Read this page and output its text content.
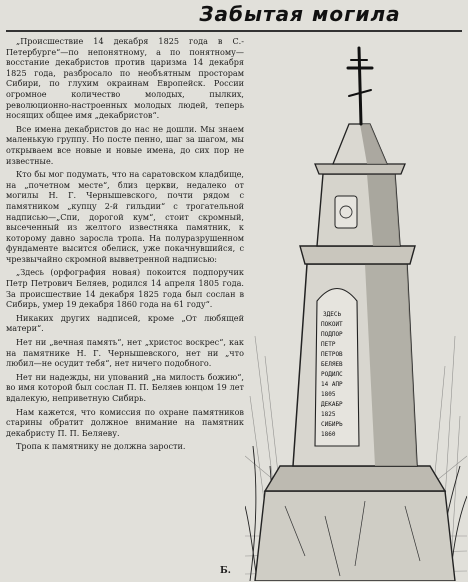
Забытая могила

„Происшествие 14 декабря 1825 года в С.-Петербурге“—по непонятному, а по понятному—восстание декабристов против царизма 14 декабря 1825 года, разбросало по необъятным просторам Сибири, по глухим окраинам Европейск. России огромное количество молодых, пылких, революционно-настроенных молодых людей, теперь носящих общее имя „декабристов“.

Все имена декабристов до нас не дошли. Мы знаем маленькую группу. Но посте пенно, шаг за шагом, мы открываем все новые и новые имена, до сих пор не известные.

Кто бы мог подумать, что на саратовском кладбище, на „почетном месте“, близ церкви, недалеко от могилы Н. Г. Чернышевского, почти рядом с памятником „купцу 2-й гильдии“ с трогательной надписью—„Спи, дорогой кум“, стоит скромный, высеченный из желтого известняка памятник, к которому давно заросла тропа. На полуразрушенном фундаменте высится обелиск, уже покачнувшийся, с чрезвычайно скромной вывветренной надписью:

„Здесь (орфография новая) покоится подпоручик Петр Петрович Беляев, родился 14 апреля 1805 года. За происшествие 14 декабря 1825 года был сослан в Сибирь, умер 19 декабря 1860 года на 61 году“.

Никаких других надписей, кроме „От любящей матери“.

Нет ни „вечная память“, нет „христос воскрес“, как на памятнике Н. Г. Чернышевского, нет ни „что любил—не осудит тебя“, нет ничего подобного.

Нет ни надежды, ни упований „на милость божию“, во имя которой был сослан П. П. Беляев юнцом 19 лет вдалекую, неприветную Сибирь.

Нам кажется, что комиссия по охране памятников старины обратит должное внимание на памятник декабристу П. П. Беляеву.

Тропа к памятнику не должна зарости.

Б.
ЗДЕСЬ
ПОКОИТ
ПОДПОР
ПЕТР
ПЕТРОВ
БЕЛЯЕВ
РОДИЛС
14 АПР
1805
ДЕКАБР
1825
СИБИРЬ
1860
